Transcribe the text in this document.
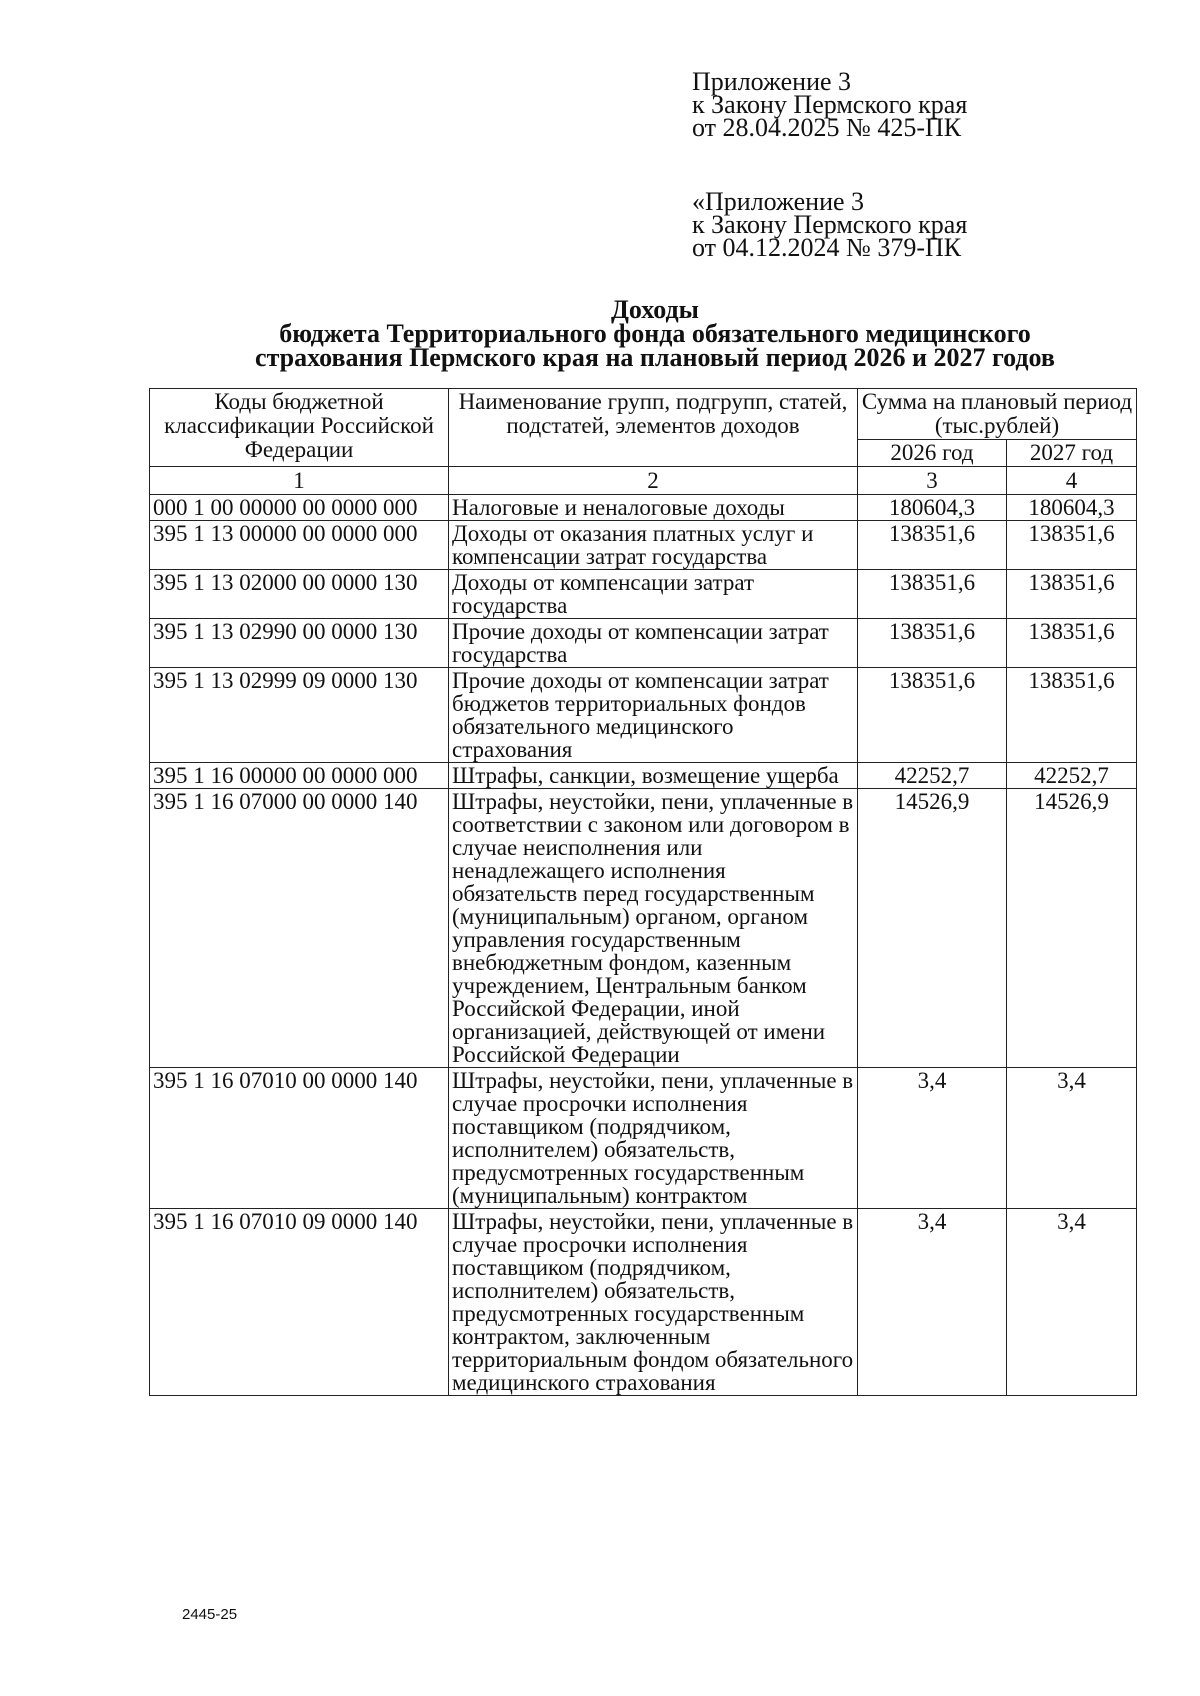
Приложение 3
к Закону Пермского края
от 28.04.2025 № 425-ПК
«Приложение 3
к Закону Пермского края
от 04.12.2024 № 379-ПК
Доходы
бюджета Территориального фонда обязательного медицинского
страхования Пермского края на плановый период 2026 и 2027 годов
Коды бюджетной классификации Российской Федерации	Наименование групп, подгрупп, статей, подстатей, элементов доходов	Сумма на плановый период (тыс.рублей)	
		2026 год	2027 год
1	2	3	4
000 1 00 00000 00 0000 000	Налоговые и неналоговые доходы	180604,3	180604,3
395 1 13 00000 00 0000 000	Доходы от оказания платных услуг и компенсации затрат государства	138351,6	138351,6
395 1 13 02000 00 0000 130	Доходы от компенсации затрат государства	138351,6	138351,6
395 1 13 02990 00 0000 130	Прочие доходы от компенсации затрат государства	138351,6	138351,6
395 1 13 02999 09 0000 130	Прочие доходы от компенсации затрат бюджетов территориальных фондов обязательного медицинского страхования	138351,6	138351,6
395 1 16 00000 00 0000 000	Штрафы, санкции, возмещение ущерба	42252,7	42252,7
395 1 16 07000 00 0000 140	Штрафы, неустойки, пени, уплаченные в соответствии с законом или договором в случае неисполнения или ненадлежащего исполнения обязательств перед государственным (муниципальным) органом, органом управления государственным внебюджетным фондом, казенным учреждением, Центральным банком Российской Федерации, иной организацией, действующей от имени Российской Федерации	14526,9	14526,9
395 1 16 07010 00 0000 140	Штрафы, неустойки, пени, уплаченные в случае просрочки исполнения поставщиком (подрядчиком, исполнителем) обязательств, предусмотренных государственным (муниципальным) контрактом	3,4	3,4
395 1 16 07010 09 0000 140	Штрафы, неустойки, пени, уплаченные в случае просрочки исполнения поставщиком (подрядчиком, исполнителем) обязательств, предусмотренных государственным контрактом, заключенным территориальным фондом обязательного медицинского страхования	3,4	3,4
2445-25
